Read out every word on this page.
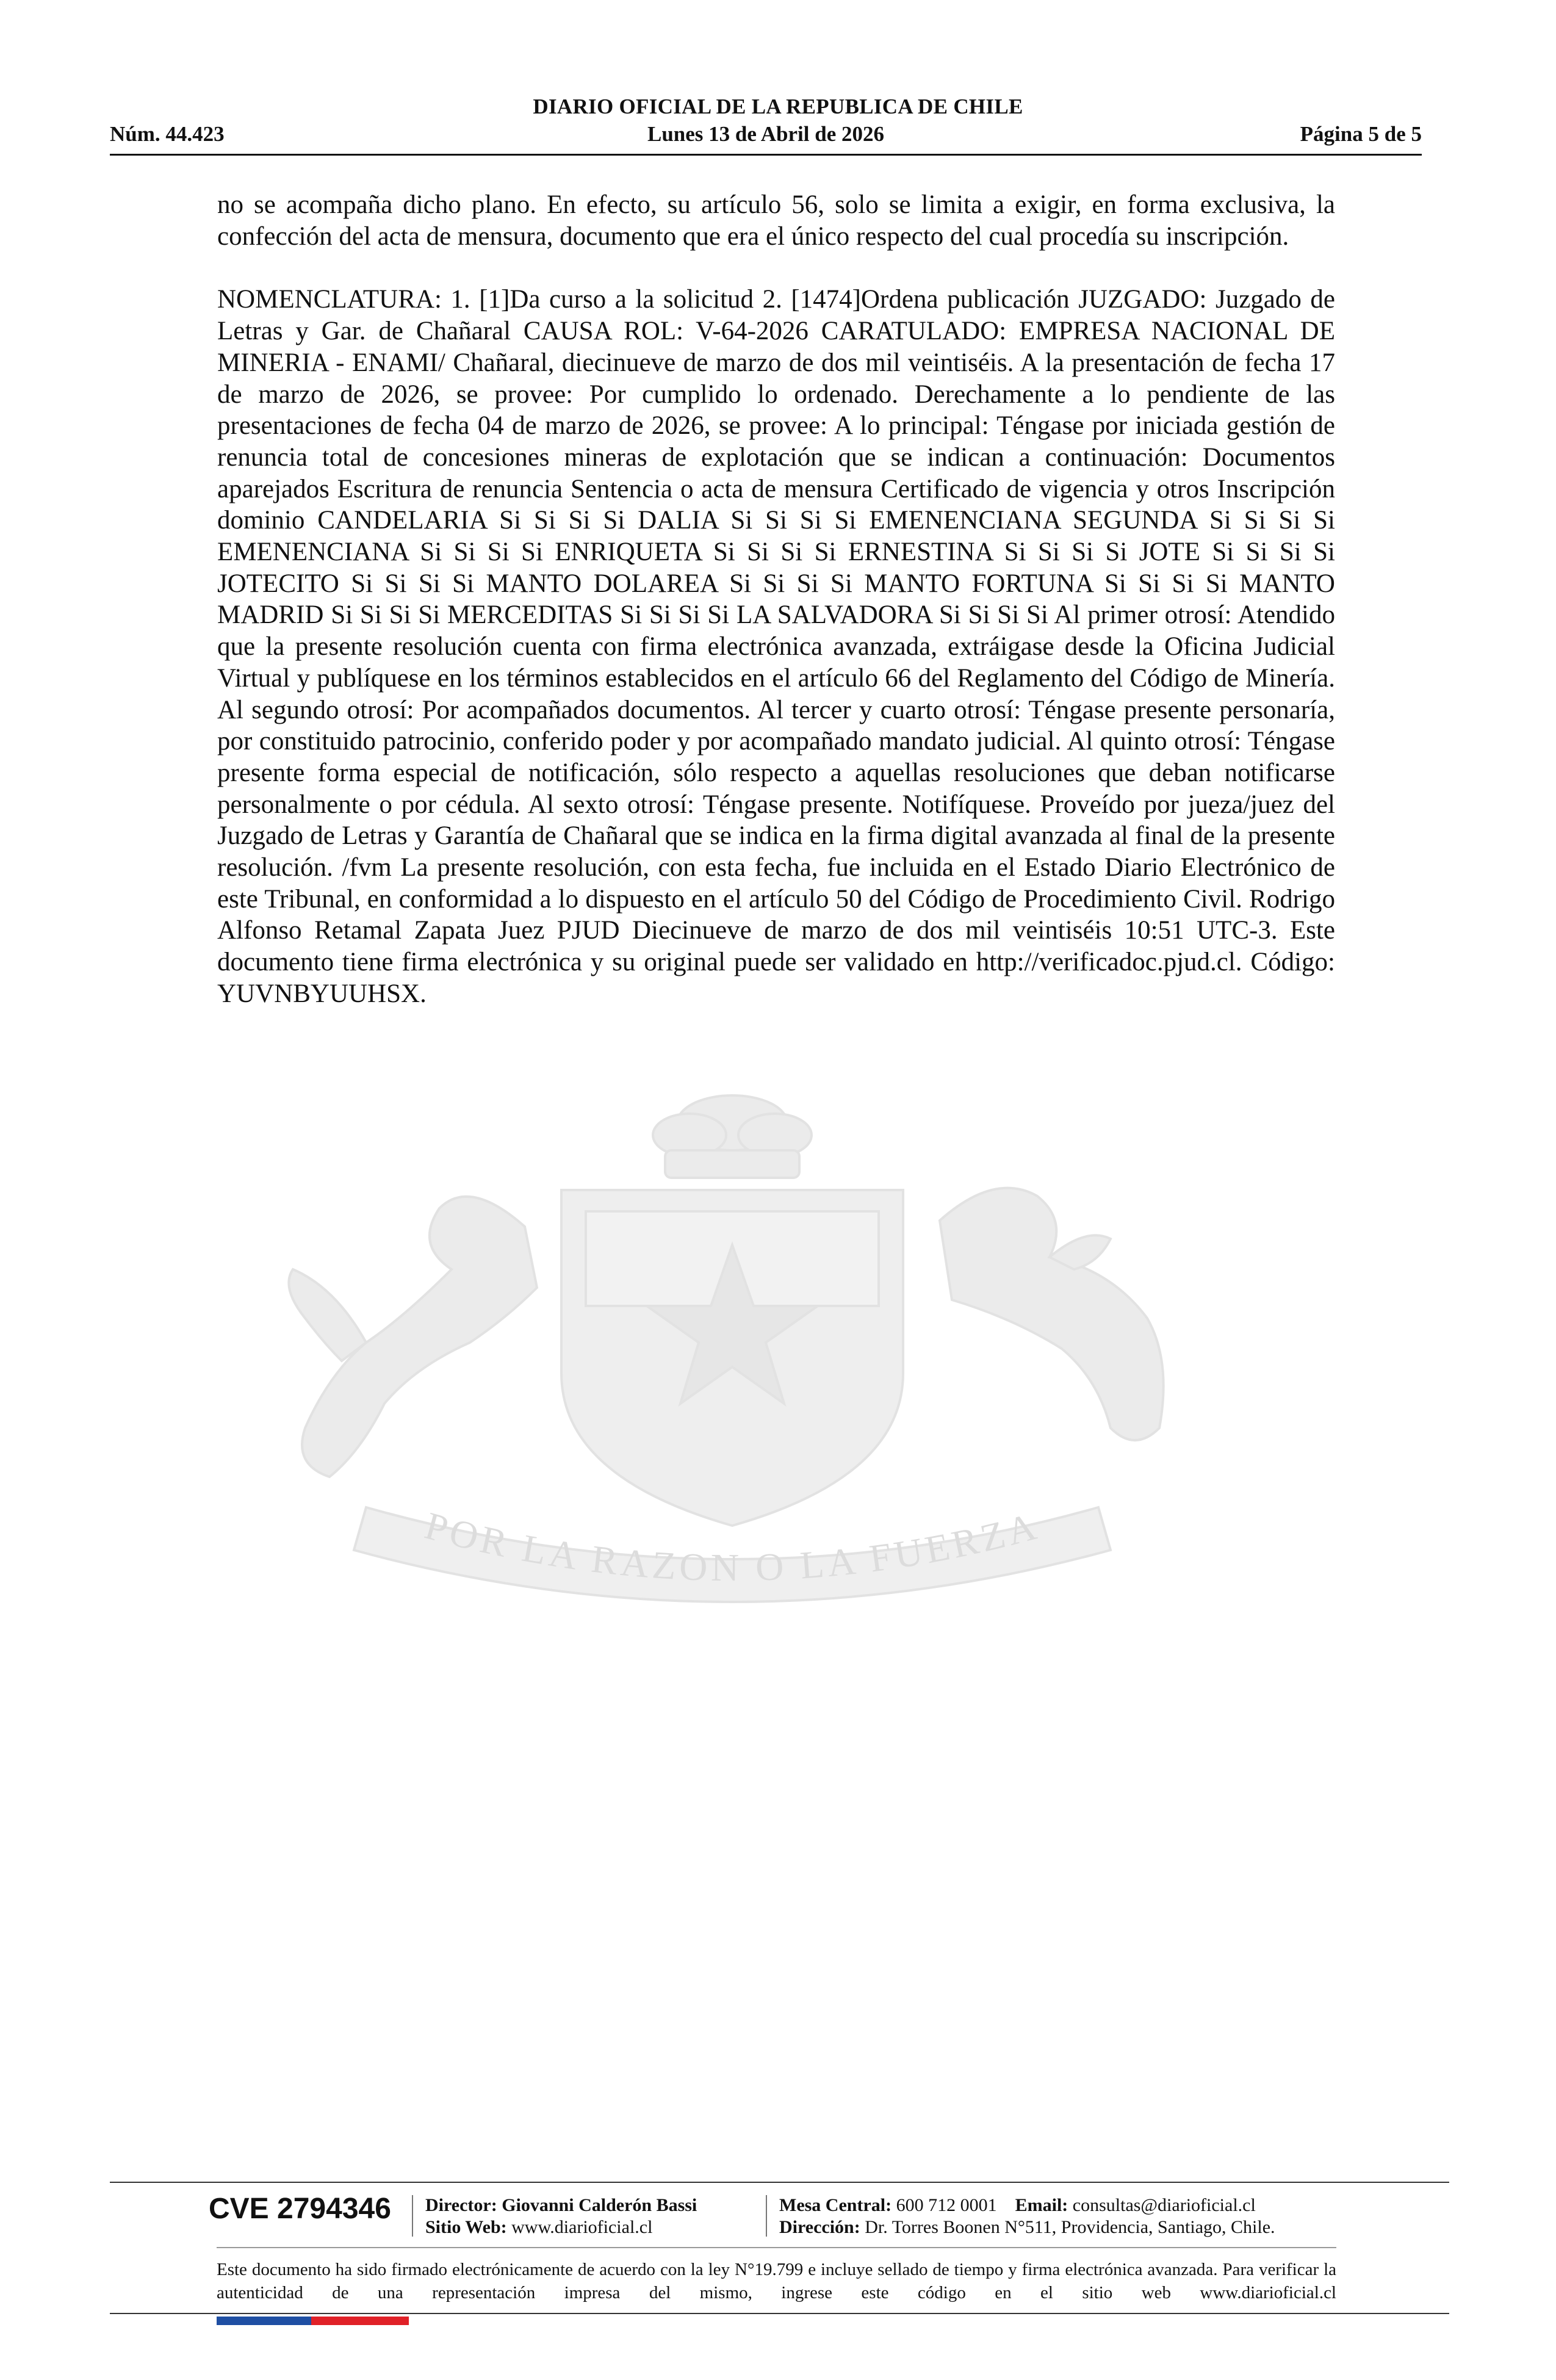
DIARIO OFICIAL DE LA REPUBLICA DE CHILE
Núm. 44.423	Lunes 13 de Abril de 2026	Página 5 de 5
POR LA RAZON O LA FUERZA

no se acompaña dicho plano. En efecto, su artículo 56, solo se limita a exigir, en forma exclusiva, la confección del acta de mensura, documento que era el único respecto del cual procedía su inscripción.

NOMENCLATURA: 1. [1]Da curso a la solicitud 2. [1474]Ordena publicación JUZGADO: Juzgado de Letras y Gar. de Chañaral CAUSA ROL: V-64-2026 CARATULADO: EMPRESA NACIONAL DE MINERIA - ENAMI/ Chañaral, diecinueve de marzo de dos mil veintiséis. A la presentación de fecha 17 de marzo de 2026, se provee: Por cumplido lo ordenado. Derechamente a lo pendiente de las presentaciones de fecha 04 de marzo de 2026, se provee: A lo principal: Téngase por iniciada gestión de renuncia total de concesiones mineras de explotación que se indican a continuación: Documentos aparejados Escritura de renuncia Sentencia o acta de mensura Certificado de vigencia y otros Inscripción dominio CANDELARIA Si Si Si Si DALIA Si Si Si Si EMENENCIANA SEGUNDA Si Si Si Si EMENENCIANA Si Si Si Si ENRIQUETA Si Si Si Si ERNESTINA Si Si Si Si JOTE Si Si Si Si JOTECITO Si Si Si Si MANTO DOLAREA Si Si Si Si MANTO FORTUNA Si Si Si Si MANTO MADRID Si Si Si Si MERCEDITAS Si Si Si Si LA SALVADORA Si Si Si Si Al primer otrosí: Atendido que la presente resolución cuenta con firma electrónica avanzada, extráigase desde la Oficina Judicial Virtual y publíquese en los términos establecidos en el artículo 66 del Reglamento del Código de Minería. Al segundo otrosí: Por acompañados documentos. Al tercer y cuarto otrosí: Téngase presente personaría, por constituido patrocinio, conferido poder y por acompañado mandato judicial. Al quinto otrosí: Téngase presente forma especial de notificación, sólo respecto a aquellas resoluciones que deban notificarse personalmente o por cédula. Al sexto otrosí: Téngase presente. Notifíquese. Proveído por jueza/juez del Juzgado de Letras y Garantía de Chañaral que se indica en la firma digital avanzada al final de la presente resolución. /fvm La presente resolución, con esta fecha, fue incluida en el Estado Diario Electrónico de este Tribunal, en conformidad a lo dispuesto en el artículo 50 del Código de Procedimiento Civil. Rodrigo Alfonso Retamal Zapata Juez PJUD Diecinueve de marzo de dos mil veintiséis 10:51 UTC-3. Este documento tiene firma electrónica y su original puede ser validado en http://verificadoc.pjud.cl. Código: YUVNBYUUHSX.

CVE 2794346 Director: Giovanni Calderón Bassi
Sitio Web: www.diarioficial.cl
Mesa Central: 600 712 0001 Email: consultas@diarioficial.cl
Dirección: Dr. Torres Boonen N°511, Providencia, Santiago, Chile.
Este documento ha sido firmado electrónicamente de acuerdo con la ley N°19.799 e incluye sellado de tiempo y firma electrónica avanzada. Para verificar la autenticidad de una representación impresa del mismo, ingrese este código en el sitio web www.diarioficial.cl
